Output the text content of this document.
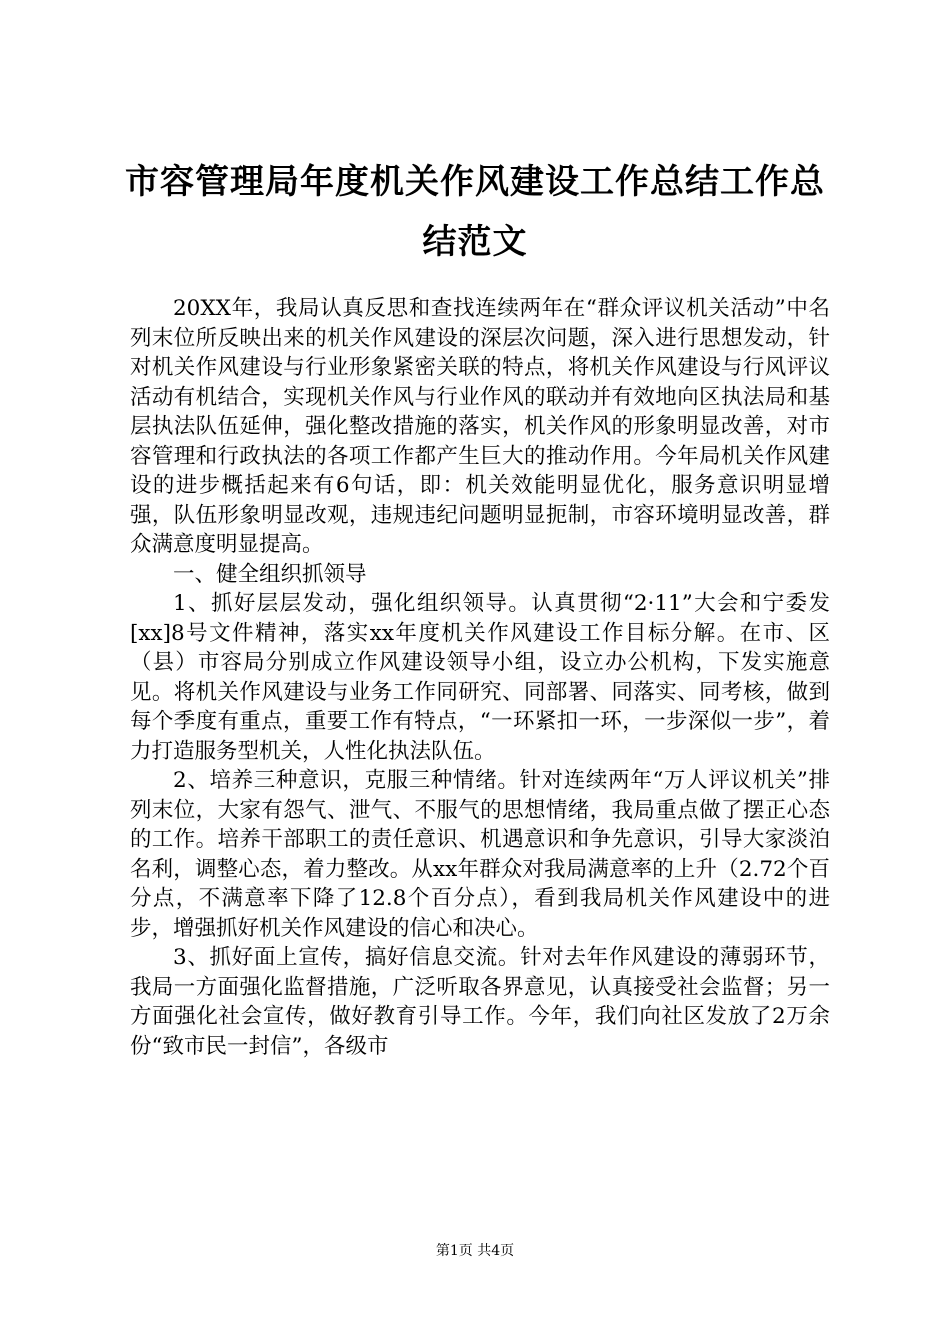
市容管理局年度机关作风建设工作总结工作总
结范文

20XX年，我局认真反思和查找连续两年在“群众评议机关活动”中名列末位所反映出来的机关作风建设的深层次问题，深入进行思想发动，针对机关作风建设与行业形象紧密关联的特点，将机关作风建设与行风评议活动有机结合，实现机关作风与行业作风的联动并有效地向区执法局和基层执法队伍延伸，强化整改措施的落实，机关作风的形象明显改善，对市容管理和行政执法的各项工作都产生巨大的推动作用。今年局机关作风建设的进步概括起来有6句话，即：机关效能明显优化，服务意识明显增强，队伍形象明显改观，违规违纪问题明显扼制，市容环境明显改善，群众满意度明显提高。

一、健全组织抓领导

1、抓好层层发动，强化组织领导。认真贯彻“2·11”大会和宁委发[xx]8号文件精神，落实xx年度机关作风建设工作目标分解。在市、区（县）市容局分别成立作风建设领导小组，设立办公机构，下发实施意见。将机关作风建设与业务工作同研究、同部署、同落实、同考核，做到每个季度有重点，重要工作有特点，“一环紧扣一环，一步深似一步”，着力打造服务型机关，人性化执法队伍。

2、培养三种意识，克服三种情绪。针对连续两年“万人评议机关”排列末位，大家有怨气、泄气、不服气的思想情绪，我局重点做了摆正心态的工作。培养干部职工的责任意识、机遇意识和争先意识，引导大家淡泊名利，调整心态，着力整改。从xx年群众对我局满意率的上升（2.72个百分点，不满意率下降了12.8个百分点），看到我局机关作风建设中的进步，增强抓好机关作风建设的信心和决心。

3、抓好面上宣传，搞好信息交流。针对去年作风建设的薄弱环节，我局一方面强化监督措施，广泛听取各界意见，认真接受社会监督；另一方面强化社会宣传，做好教育引导工作。今年，我们向社区发放了2万余份“致市民一封信”，各级市

第1页 共4页
